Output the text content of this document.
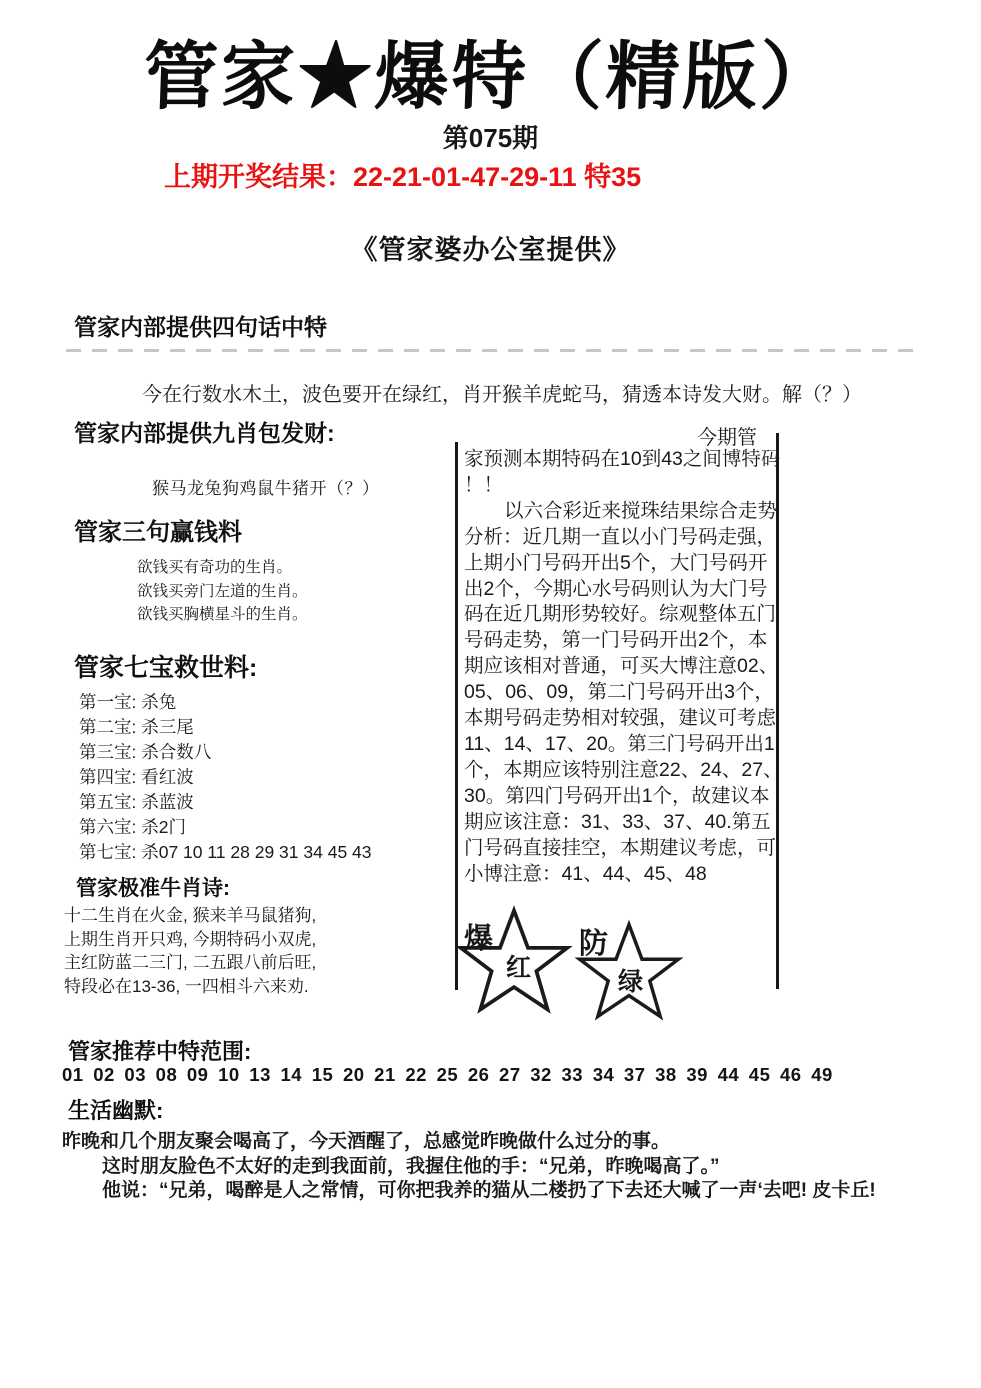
管家★爆特（精版）
第075期
上期开奖结果：22-21-01-47-29-11 特35
《管家婆办公室提供》
管家内部提供四句话中特
今在行数水木土，波色要开在绿红，肖开猴羊虎蛇马，猜透本诗发大财。解（？）
管家内部提供九肖包发财:
猴马龙兔狗鸡鼠牛猪开（？）
管家三句赢钱料
欲钱买有奇功的生肖。
欲钱买旁门左道的生肖。
欲钱买胸横星斗的生肖。
管家七宝救世料:
第一宝: 杀兔
第二宝: 杀三尾
第三宝: 杀合数八
第四宝: 看红波
第五宝: 杀蓝波
第六宝: 杀2门
第七宝: 杀07 10 11 28 29 31 34 45 43
管家极准牛肖诗:
十二生肖在火金, 猴来羊马鼠猪狗,
上期生肖开只鸡, 今期特码小双虎,
主红防蓝二三门, 二五跟八前后旺,
特段必在13-36, 一四相斗六来劝.
今期管
家预测本期特码在10到43之间博特码
！！
以六合彩近来搅珠结果综合走势
分析：近几期一直以小门号码走强，
上期小门号码开出5个，大门号码开
出2个，今期心水号码则认为大门号
码在近几期形势较好。综观整体五门
号码走势，第一门号码开出2个，本
期应该相对普通，可买大博注意02、
05、06、09，第二门号码开出3个，
本期号码走势相对较强，建议可考虑
11、14、17、20。第三门号码开出1
个，本期应该特别注意22、24、27、
30。第四门号码开出1个，故建议本
期应该注意：31、33、37、40.第五
门号码直接挂空，本期建议考虑，可
小博注意：41、44、45、48
爆
红
防
绿
管家推荐中特范围:
01 02 03 08 09 10 13 14 15 20 21 22 25 26 27 32 33 34 37 38 39 44 45 46 49
生活幽默:
昨晚和几个朋友聚会喝高了，今天酒醒了，总感觉昨晚做什么过分的事。
这时朋友脸色不太好的走到我面前，我握住他的手：“兄弟，昨晚喝高了。”
他说：“兄弟，喝醉是人之常情，可你把我养的猫从二楼扔了下去还大喊了一声‘去吧! 皮卡丘!
